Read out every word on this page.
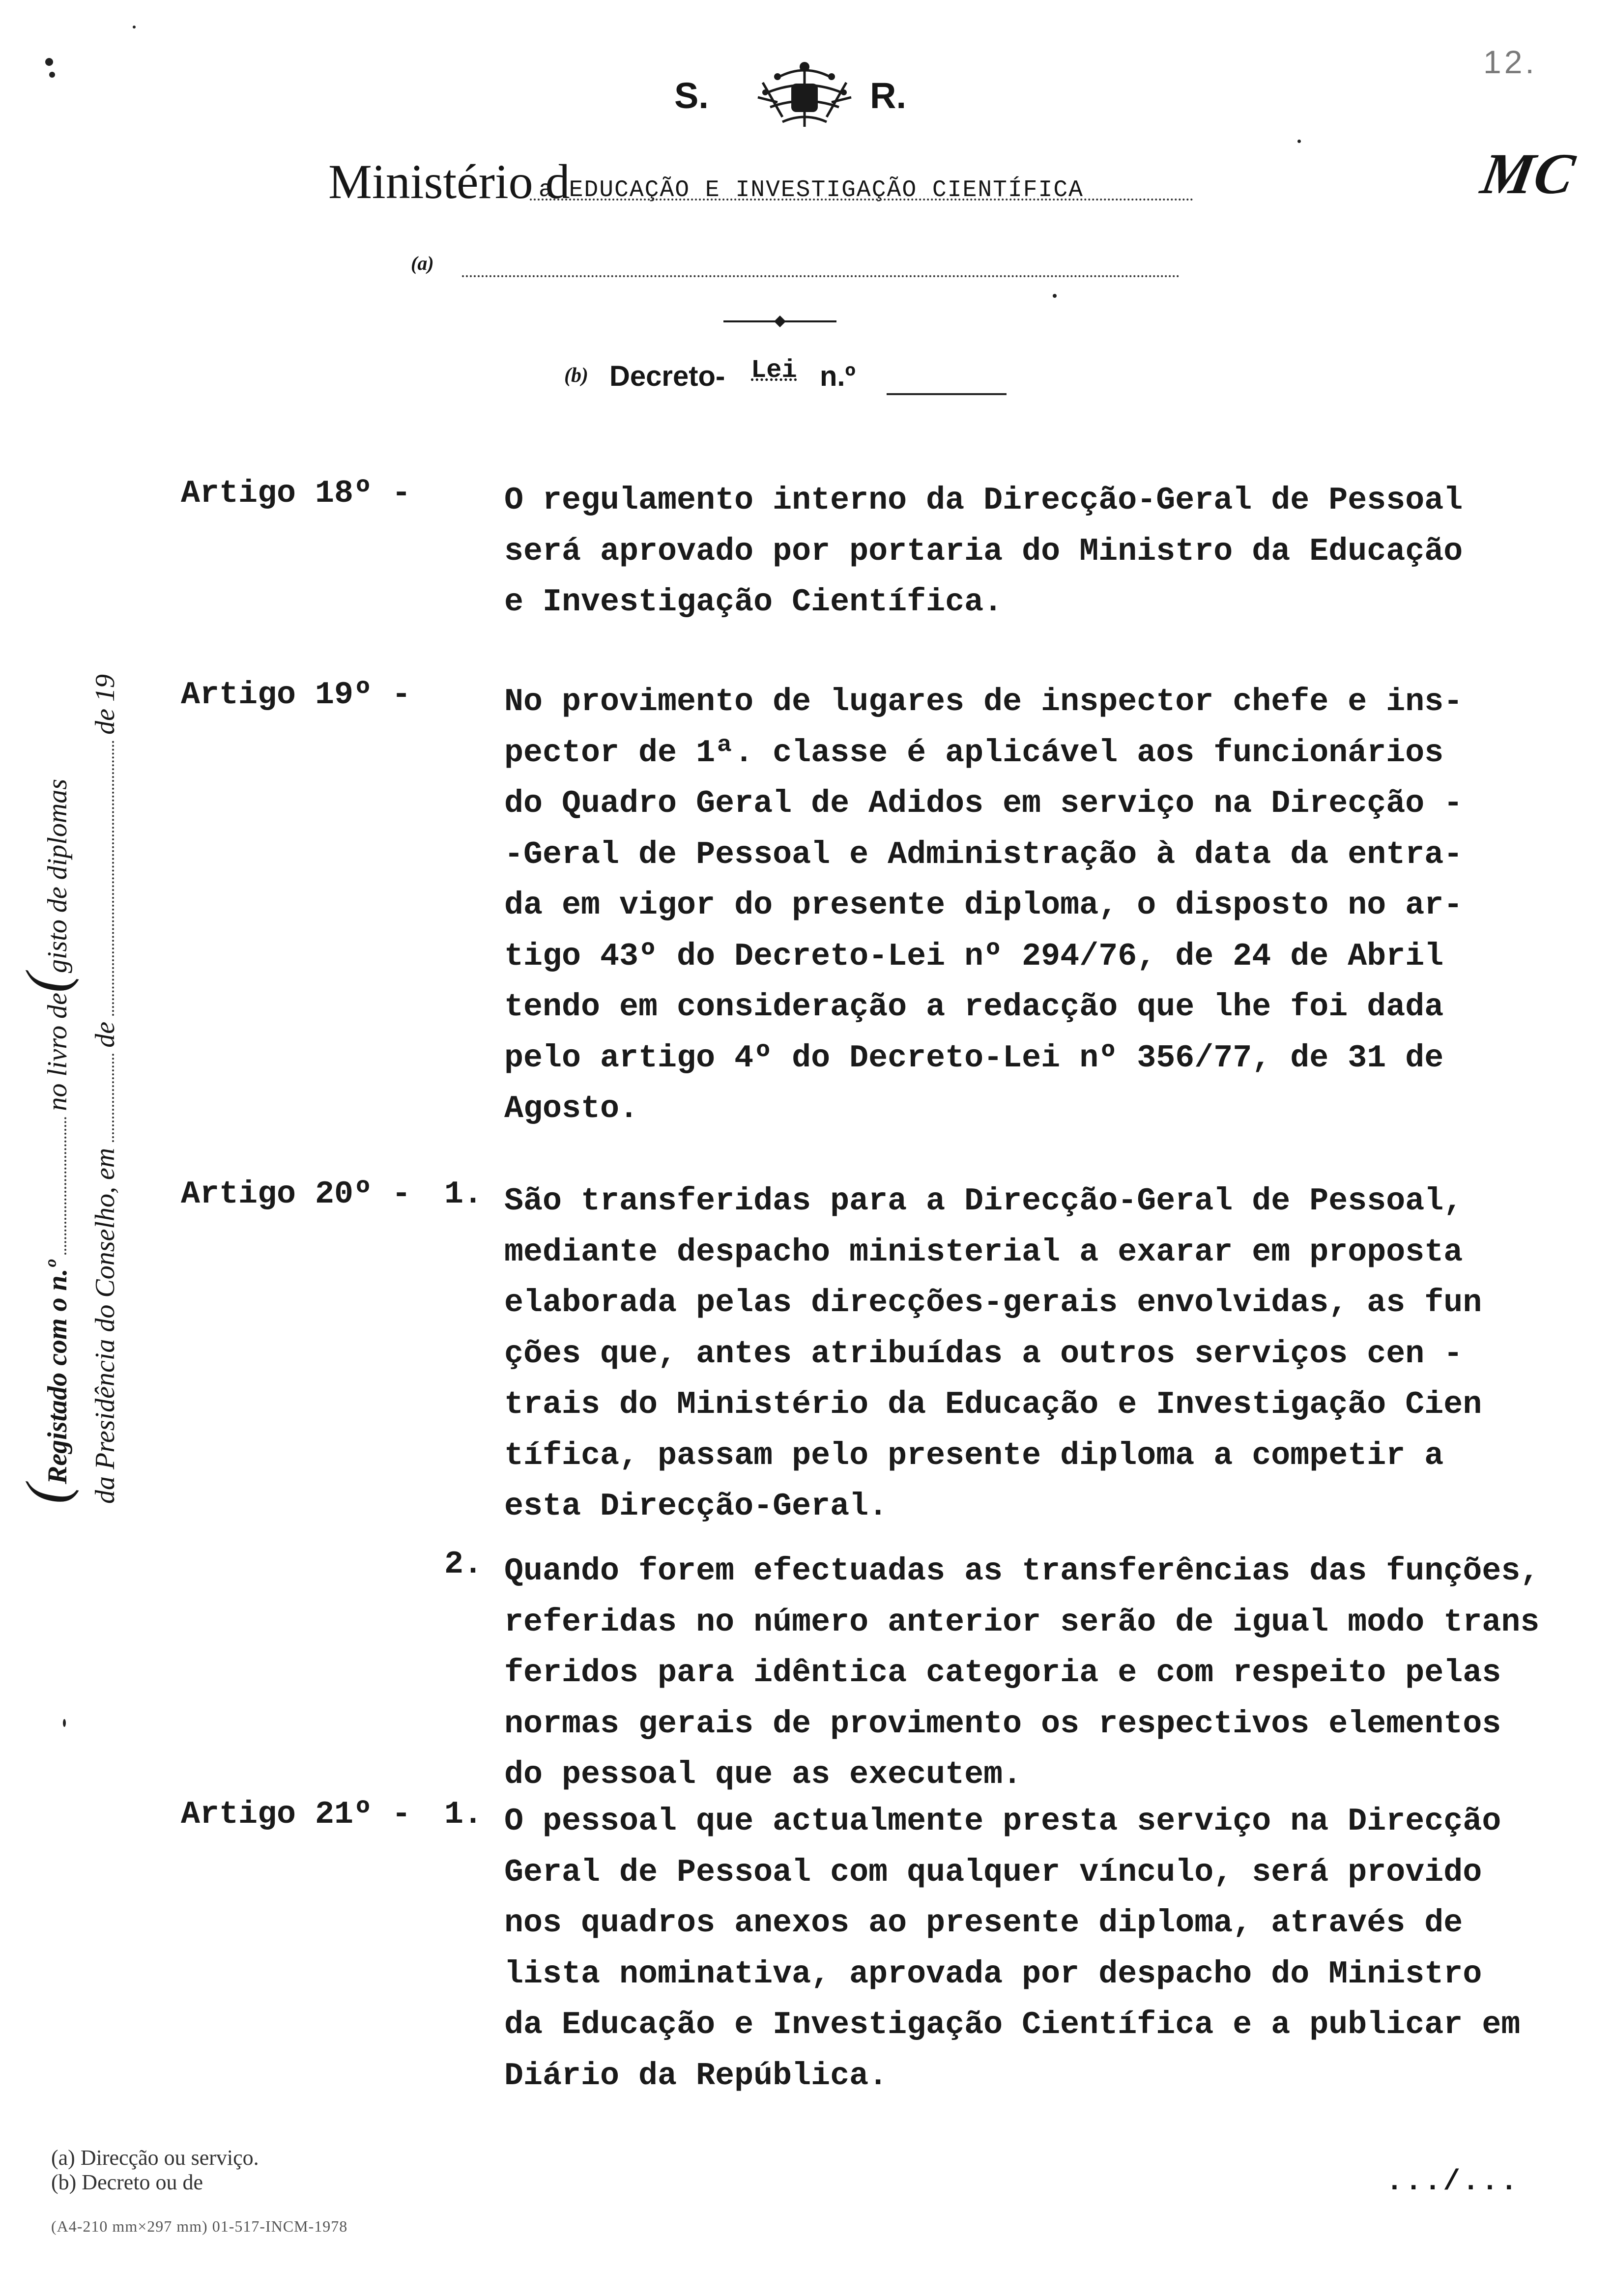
12.
MC
S.	R.
Ministério d
a EDUCAÇÃO E INVESTIGAÇÃO CIENTÍFICA
(a)
(b) Decreto- Lei n.º
(
Registado com o n.º
no livro de
(
gisto de diplomas
da Presidência do Conselho, em
de
de 19
Artigo 18º -	O regulamento interno da Direcção-Geral de Pessoal
será aprovado por portaria do Ministro da Educação
e Investigação Científica.
Artigo 19º -	No provimento de lugares de inspector chefe e ins-
pector de 1ª. classe é aplicável aos funcionários
do Quadro Geral de Adidos em serviço na Direcção -
-Geral de Pessoal e Administração à data da entra-
da em vigor do presente diploma, o disposto no ar-
tigo 43º do Decreto-Lei nº 294/76, de 24 de Abril
tendo em consideração a redacção que lhe foi dada
pelo artigo 4º do Decreto-Lei nº 356/77, de 31 de
Agosto.
Artigo 20º - 1. São transferidas para a Direcção-Geral de Pessoal,
mediante despacho ministerial a exarar em proposta
elaborada pelas direcções-gerais envolvidas, as fun
ções que, antes atribuídas a outros serviços cen -
trais do Ministério da Educação e Investigação Cien
tífica, passam pelo presente diploma a competir a
esta Direcção-Geral.
2. Quando forem efectuadas as transferências das funções,
referidas no número anterior serão de igual modo trans
feridos para idêntica categoria e com respeito pelas
normas gerais de provimento os respectivos elementos
do pessoal que as executem.
Artigo 21º - 1. O pessoal que actualmente presta serviço na Direcção
Geral de Pessoal com qualquer vínculo, será provido
nos quadros anexos ao presente diploma, através de
lista nominativa, aprovada por despacho do Ministro
da Educação e Investigação Científica e a publicar em
Diário da República.
(a) Direcção ou serviço.
(b) Decreto ou de
(A4-210 mm×297 mm) 01-517-INCM-1978
.../...
